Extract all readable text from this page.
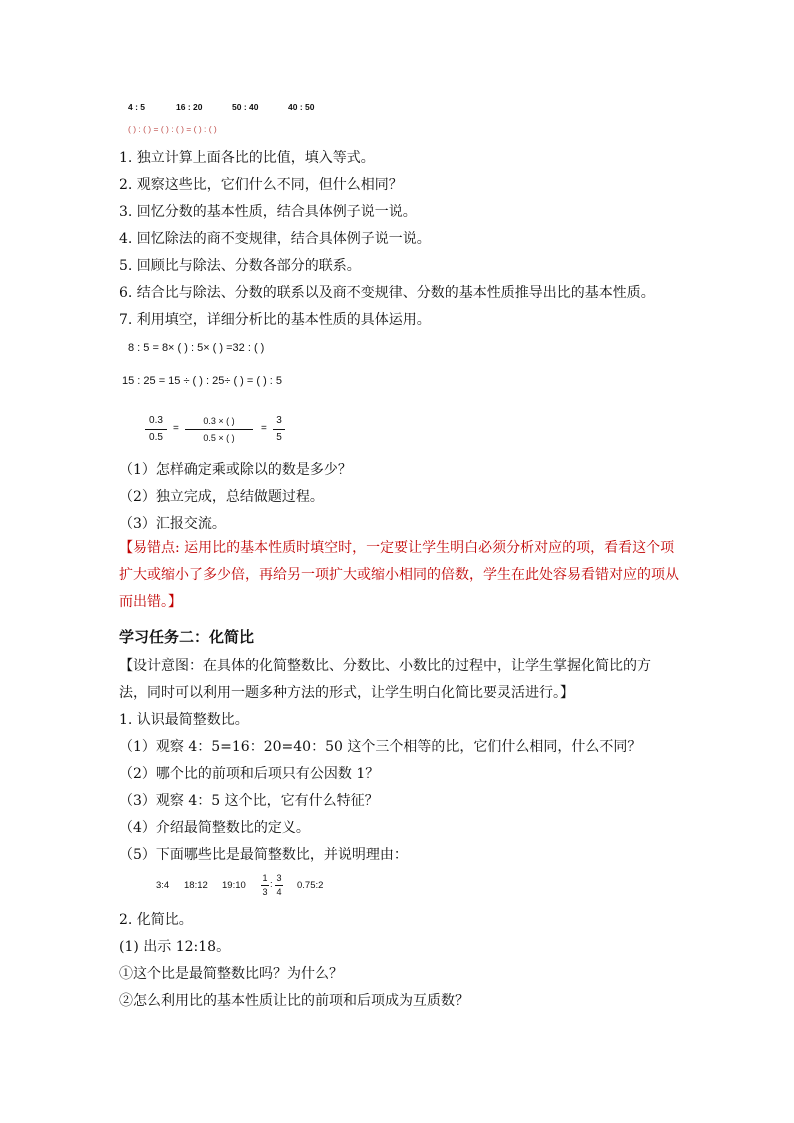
4 : 5	16 : 20	50 : 40	40 : 50
( ) : ( ) = ( ) : ( ) = ( ) : ( )
1. 独立计算上面各比的比值，填入等式。
2. 观察这些比，它们什么不同，但什么相同？
3. 回忆分数的基本性质，结合具体例子说一说。
4. 回忆除法的商不变规律，结合具体例子说一说。
5. 回顾比与除法、分数各部分的联系。
6. 结合比与除法、分数的联系以及商不变规律、分数的基本性质推导出比的基本性质。
7. 利用填空，详细分析比的基本性质的具体运用。
8 : 5 = 8× ( ) : 5× ( ) =32 : ( )
15 : 25 = 15 ÷ ( ) : 25÷ ( ) = ( ) : 5
0.3
0.5
=
0.3 × ( )
0.5 × ( )
=
3
5
（1）怎样确定乘或除以的数是多少？
（2）独立完成，总结做题过程。
（3）汇报交流。
【易错点: 运用比的基本性质时填空时，一定要让学生明白必须分析对应的项，看看这个项
扩大或缩小了多少倍，再给另一项扩大或缩小相同的倍数，学生在此处容易看错对应的项从
而出错。】
学习任务二：化简比
【设计意图：在具体的化简整数比、分数比、小数比的过程中，让学生掌握化简比的方
法，同时可以利用一题多种方法的形式，让学生明白化简比要灵活进行。】
1. 认识最简整数比。
（1）观察 4：5=16：20=40：50 这个三个相等的比，它们什么相同，什么不同？
（2）哪个比的前项和后项只有公因数 1？
（3）观察 4：5 这个比，它有什么特征？
（4）介绍最简整数比的定义。
（5）下面哪些比是最简整数比，并说明理由：
3:4 18:12 19:10
1
3
:
3
4
0.75:2
2. 化简比。
(1) 出示 12:18。
①这个比是最简整数比吗？为什么？
②怎么利用比的基本性质让比的前项和后项成为互质数？
